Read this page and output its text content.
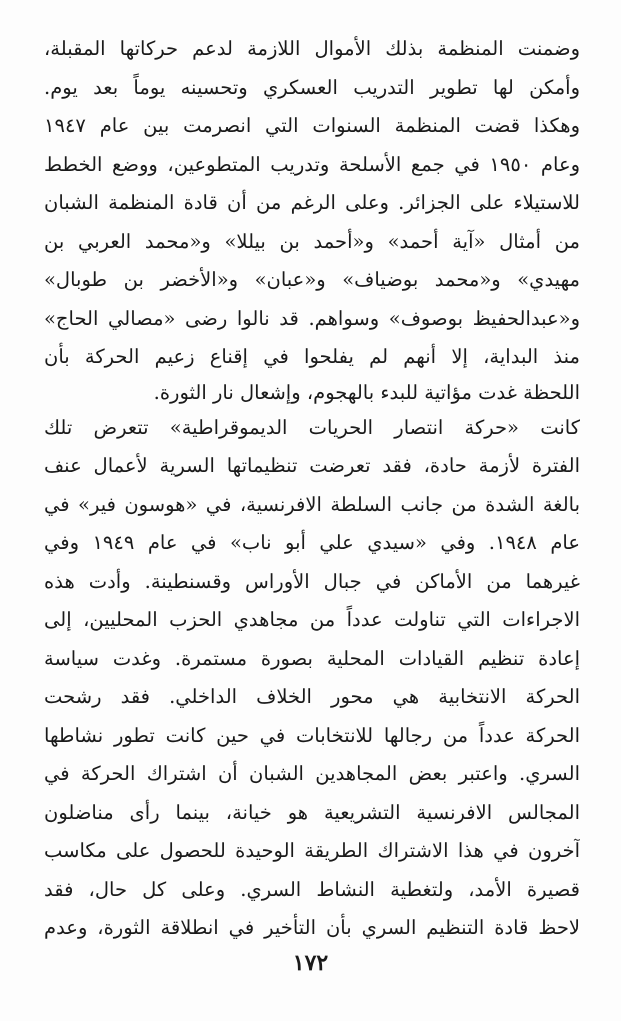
وضمنت المنظمة بذلك الأموال اللازمة لدعم حركاتها المقبلة،
وأمكن لها تطوير التدريب العسكري وتحسينه يوماً بعد يوم.
وهكذا قضت المنظمة السنوات التي انصرمت بين عام ١٩٤٧
وعام ١٩٥٠ في جمع الأسلحة وتدريب المتطوعين، ووضع الخطط
للاستيلاء على الجزائر. وعلى الرغم من أن قادة المنظمة الشبان
من أمثال «آية أحمد» و«أحمد بن بيللا» و«محمد العربي بن
مهيدي» و«محمد بوضياف» و«عبان» و«الأخضر بن طوبال»
و«عبدالحفيظ بوصوف» وسواهم. قد نالوا رضى «مصالي الحاج»
منذ البداية، إلا أنهم لم يفلحوا في إقناع زعيم الحركة بأن
اللحظة غدت مؤاتية للبدء بالهجوم، وإشعال نار الثورة.
كانت «حركة انتصار الحريات الديموقراطية» تتعرض تلك
الفترة لأزمة حادة، فقد تعرضت تنظيماتها السرية لأعمال عنف
بالغة الشدة من جانب السلطة الافرنسية، في «هوسون فير» في
عام ١٩٤٨. وفي «سيدي علي أبو ناب» في عام ١٩٤٩ وفي
غيرهما من الأماكن في جبال الأوراس وقسنطينة. وأدت هذه
الاجراءات التي تناولت عدداً من مجاهدي الحزب المحليين، إلى
إعادة تنظيم القيادات المحلية بصورة مستمرة. وغدت سياسة
الحركة الانتخابية هي محور الخلاف الداخلي. فقد رشحت
الحركة عدداً من رجالها للانتخابات في حين كانت تطور نشاطها
السري. واعتبر بعض المجاهدين الشبان أن اشتراك الحركة في
المجالس الافرنسية التشريعية هو خيانة، بينما رأى مناضلون
آخرون في هذا الاشتراك الطريقة الوحيدة للحصول على مكاسب
قصيرة الأمد، ولتغطية النشاط السري. وعلى كل حال، فقد
لاحظ قادة التنظيم السري بأن التأخير في انطلاقة الثورة، وعدم
١٧٢
